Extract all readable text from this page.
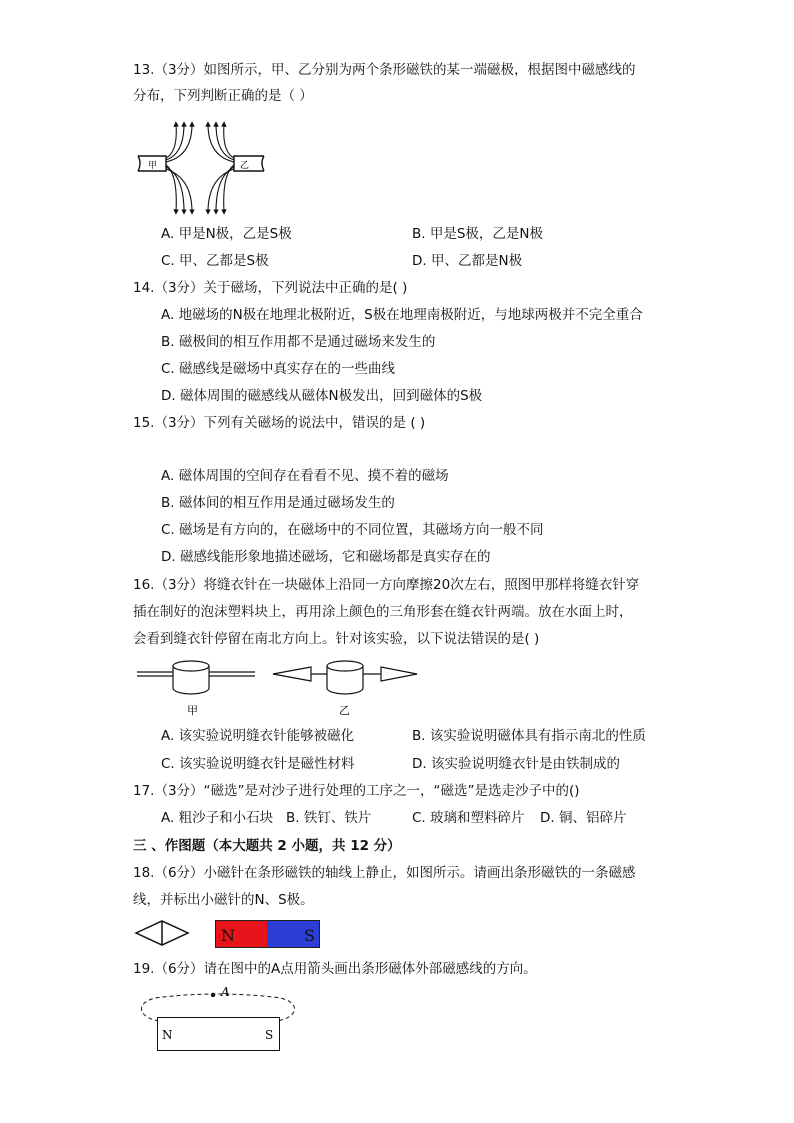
13.（3分）如图所示，甲、乙分别为两个条形磁铁的某一端磁极，根据图中磁感线的
分布，下列判断正确的是（ ）
甲	乙
A. 甲是N极，乙是S极	B. 甲是S极，乙是N极
C. 甲、乙都是S极	D. 甲、乙都是N极
14.（3分）关于磁场，下列说法中正确的是( )
A. 地磁场的N极在地理北极附近，S极在地理南极附近，与地球两极并不完全重合
B. 磁极间的相互作用都不是通过磁场来发生的
C. 磁感线是磁场中真实存在的一些曲线
D. 磁体周围的磁感线从磁体N极发出，回到磁体的S极
15.（3分）下列有关磁场的说法中，错误的是 ( )
A. 磁体周围的空间存在看看不见、摸不着的磁场
B. 磁体间的相互作用是通过磁场发生的
C. 磁场是有方向的，在磁场中的不同位置，其磁场方向一般不同
D. 磁感线能形象地描述磁场，它和磁场都是真实存在的
16.（3分）将缝衣针在一块磁体上沿同一方向摩擦20次左右，照图甲那样将缝衣针穿
插在制好的泡沫塑料块上，再用涂上颜色的三角形套在缝衣针两端。放在水面上时，
会看到缝衣针停留在南北方向上。针对该实验，以下说法错误的是( )
甲	乙
A. 该实验说明缝衣针能够被磁化	B. 该实验说明磁体具有指示南北的性质
C. 该实验说明缝衣针是磁性材料	D. 该实验说明缝衣针是由铁制成的
17.（3分）“磁选”是对沙子进行处理的工序之一，“磁选”是选走沙子中的()
A. 粗沙子和小石块 B. 铁钉、铁片	C. 玻璃和塑料碎片 D. 铜、铝碎片
三 、作图题（本大题共 2 小题，共 12 分）
18.（6分）小磁针在条形磁铁的轴线上静止，如图所示。请画出条形磁铁的一条磁感
线，并标出小磁针的N、S极。
N	S
19.（6分）请在图中的A点用箭头画出条形磁体外部磁感线的方向。
A
N	S
